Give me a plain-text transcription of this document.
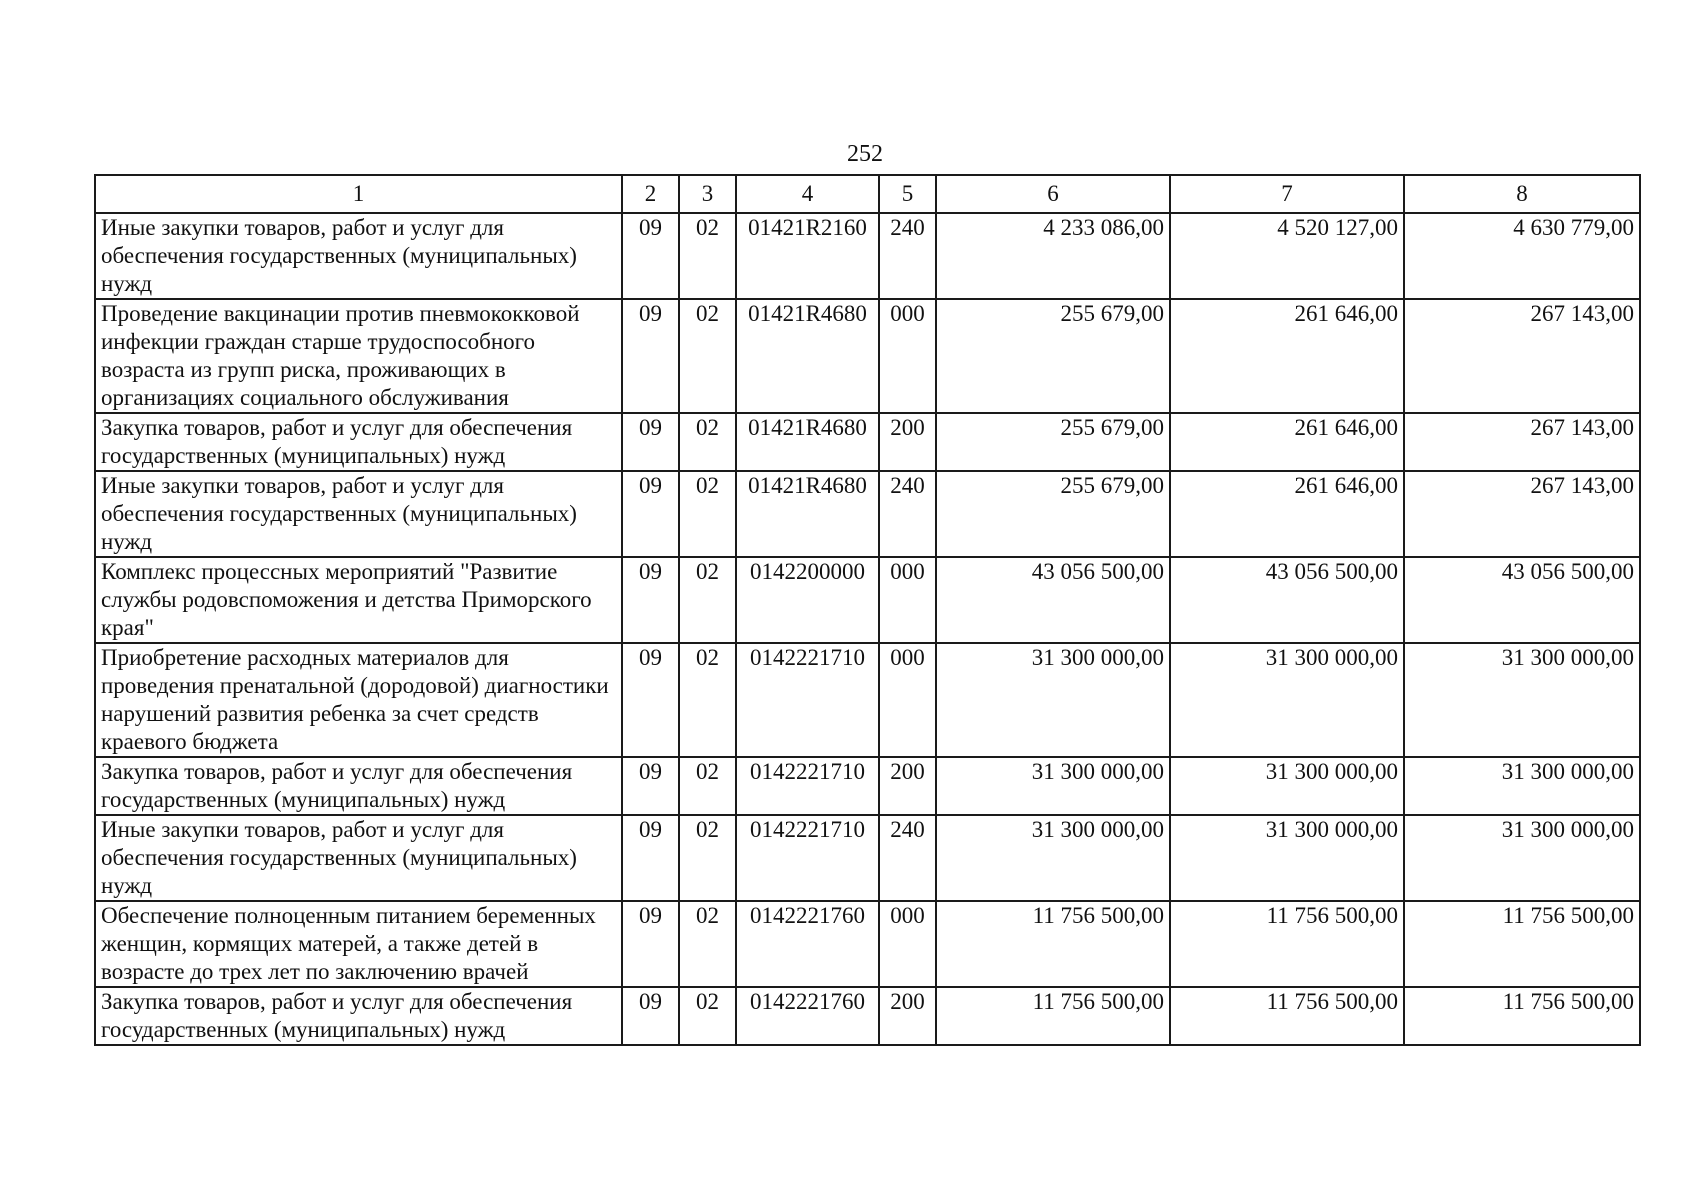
252
1	2	3	4	5	6	7	8
Иные закупки товаров, работ и услуг для обеспечения государственных (муниципальных) нужд	09	02	01421R2160	240	4 233 086,00	4 520 127,00	4 630 779,00
Проведение вакцинации против пневмококковой инфекции граждан старше трудоспособного возраста из групп риска, проживающих в организациях социального обслуживания	09	02	01421R4680	000	255 679,00	261 646,00	267 143,00
Закупка товаров, работ и услуг для обеспечения государственных (муниципальных) нужд	09	02	01421R4680	200	255 679,00	261 646,00	267 143,00
Иные закупки товаров, работ и услуг для обеспечения государственных (муниципальных) нужд	09	02	01421R4680	240	255 679,00	261 646,00	267 143,00
Комплекс процессных мероприятий "Развитие службы родовспоможения и детства Приморского края"	09	02	0142200000	000	43 056 500,00	43 056 500,00	43 056 500,00
Приобретение расходных материалов для проведения пренатальной (дородовой) диагностики нарушений развития ребенка за счет средств краевого бюджета	09	02	0142221710	000	31 300 000,00	31 300 000,00	31 300 000,00
Закупка товаров, работ и услуг для обеспечения государственных (муниципальных) нужд	09	02	0142221710	200	31 300 000,00	31 300 000,00	31 300 000,00
Иные закупки товаров, работ и услуг для обеспечения государственных (муниципальных) нужд	09	02	0142221710	240	31 300 000,00	31 300 000,00	31 300 000,00
Обеспечение полноценным питанием беременных женщин, кормящих матерей, а также детей в возрасте до трех лет по заключению врачей	09	02	0142221760	000	11 756 500,00	11 756 500,00	11 756 500,00
Закупка товаров, работ и услуг для обеспечения государственных (муниципальных) нужд	09	02	0142221760	200	11 756 500,00	11 756 500,00	11 756 500,00
